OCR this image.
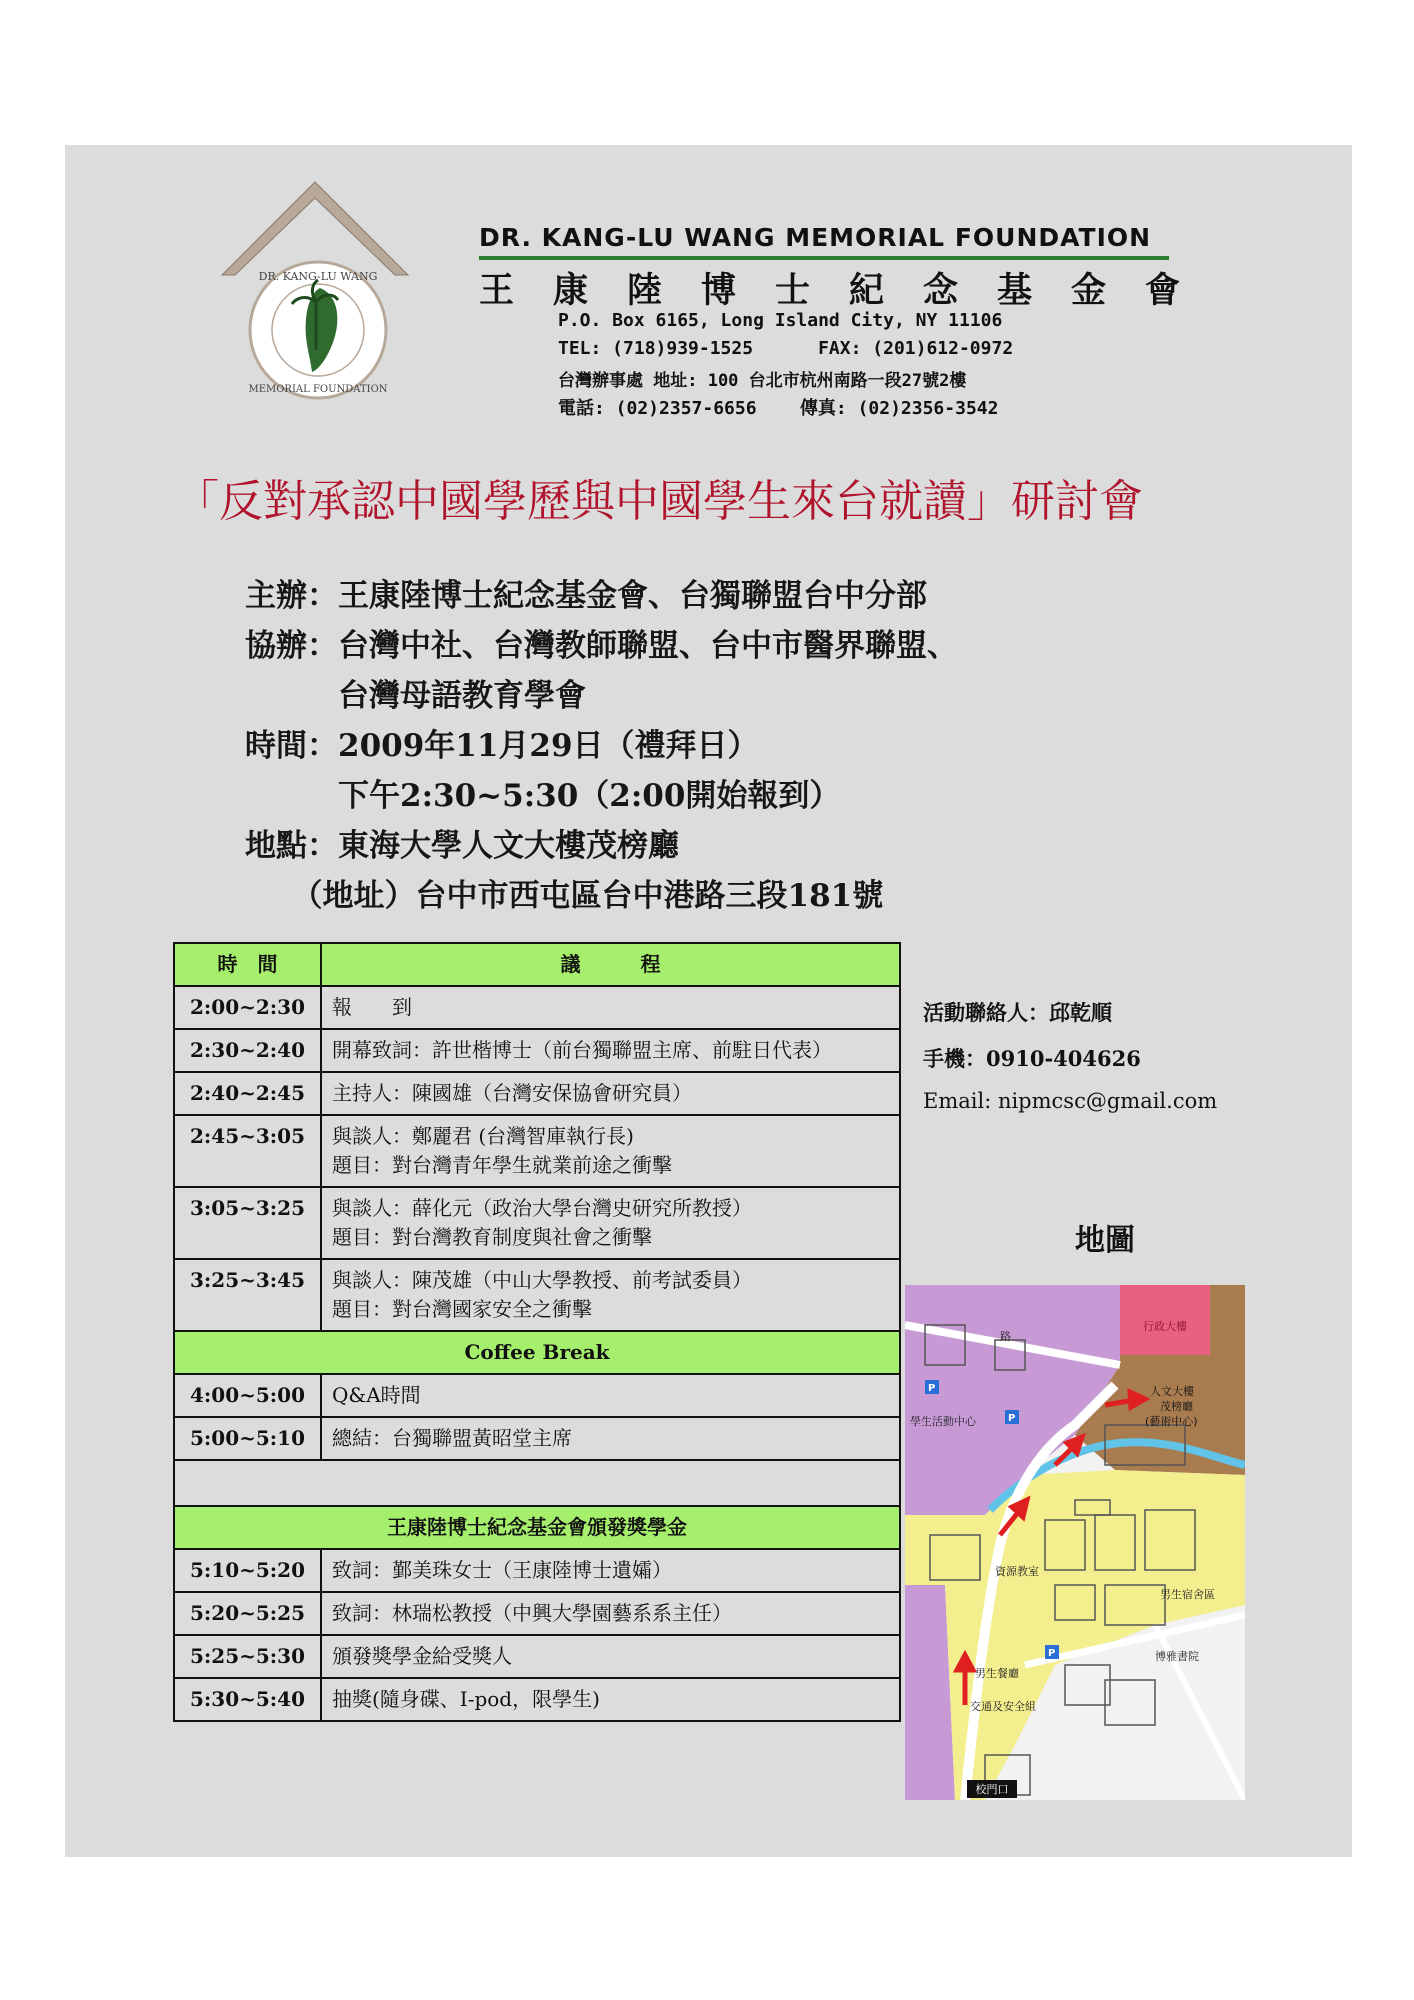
DR. KANG-LU WANG
MEMORIAL FOUNDATION
DR. KANG-LU WANG MEMORIAL FOUNDATION
王康陸博士紀念基金會
P.O. Box 6165, Long Island City, NY 11106
TEL: (718)939-1525      FAX: (201)612-0972
台灣辦事處 地址: 100 台北市杭州南路一段27號2樓
電話: (02)2357-6656    傳真: (02)2356-3542
「反對承認中國學歷與中國學生來台就讀」研討會
主辦：王康陸博士紀念基金會、台獨聯盟台中分部
協辦：台灣中社、台灣教師聯盟、台中市醫界聯盟、
　　　台灣母語教育學會
時間：2009年11月29日（禮拜日）
　　　下午2:30~5:30（2:00開始報到）
地點：東海大學人文大樓茂榜廳
　　（地址）台中市西屯區台中港路三段181號
時　間	議　　　程
2:00~2:30	報　　到
2:30~2:40	開幕致詞：許世楷博士（前台獨聯盟主席、前駐日代表）
2:40~2:45	主持人：陳國雄（台灣安保協會研究員）
2:45~3:05	與談人：鄭麗君 (台灣智庫執行長)
題目：對台灣青年學生就業前途之衝擊

3:05~3:25	與談人：薛化元（政治大學台灣史研究所教授）
題目：對台灣教育制度與社會之衝擊

3:25~3:45	與談人：陳茂雄（中山大學教授、前考試委員）
題目：對台灣國家安全之衝擊

Coffee Break	
4:00~5:00	Q&A時間
5:00~5:10	總結：台獨聯盟黃昭堂主席

王康陸博士紀念基金會頒發獎學金	
5:10~5:20	致詞：鄞美珠女士（王康陸博士遺孀）
5:20~5:25	致詞：林瑞松教授（中興大學園藝系系主任）
5:25~5:30	頒發獎學金給受獎人
5:30~5:40	抽獎(隨身碟、I-pod，限學生)
活動聯絡人：邱乾順
手機：0910-404626
Email: nipmcsc@gmail.com
地圖
行政大樓
人文大樓
茂榜廳
(藝術中心)
學生活動中心
資源教室
男生宿舍區
博雅書院
男生餐廳
交通及安全組
路
校門口
P
P
P
